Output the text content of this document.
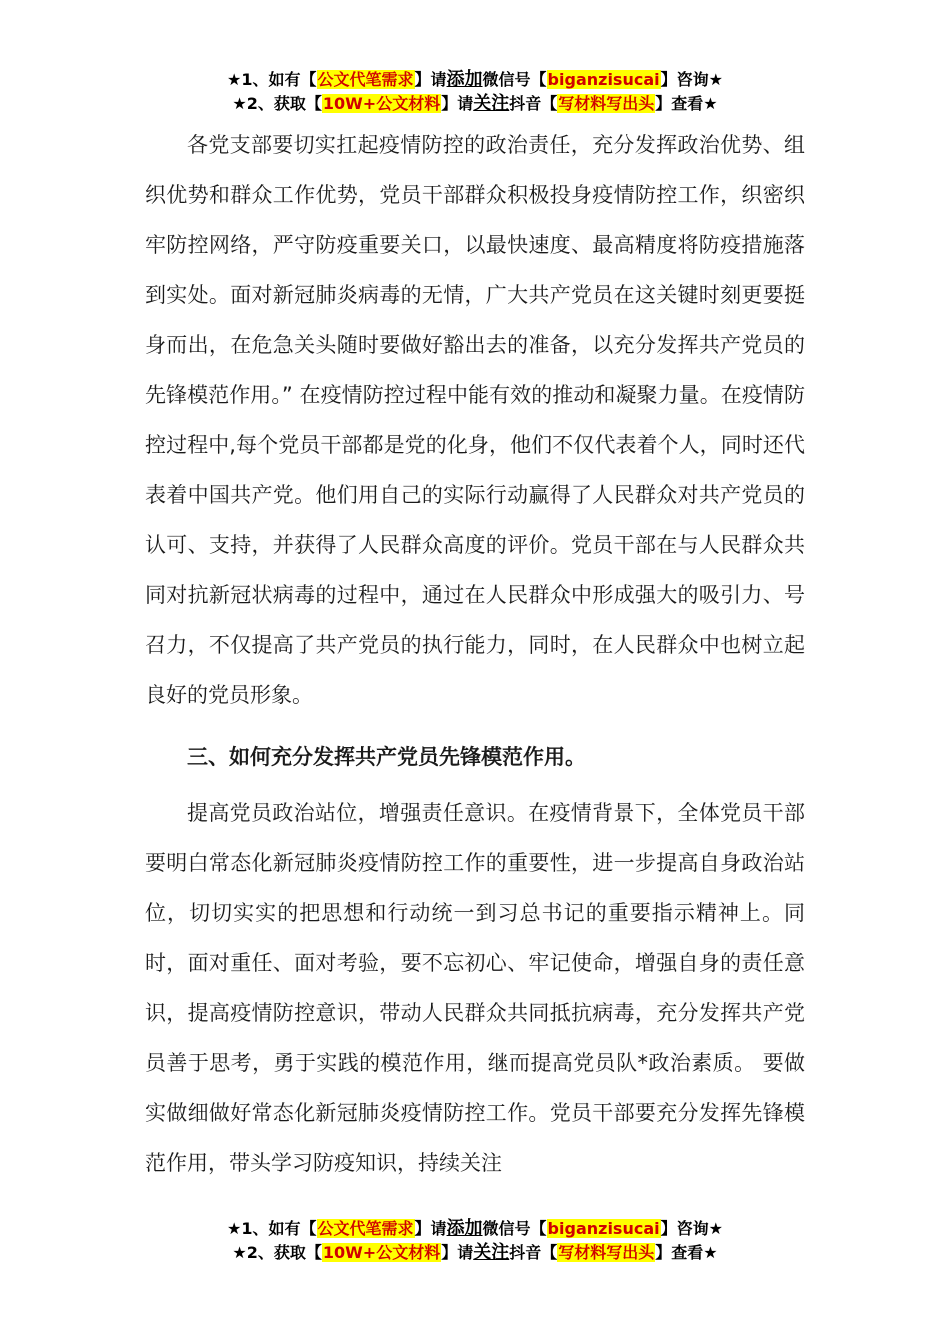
★1、如有【公文代笔需求】请添加微信号【biganzisucai】咨询★
★2、获取【10W+公文材料】请关注抖音【写材料写出头】查看★

各党支部要切实扛起疫情防控的政治责任，充分发挥政治优势、组织优势和群众工作优势，党员干部群众积极投身疫情防控工作，织密织牢防控网络，严守防疫重要关口，以最快速度、最高精度将防疫措施落到实处。面对新冠肺炎病毒的无情，广大共产党员在这关键时刻更要挺身而出，在危急关头随时要做好豁出去的准备，以充分发挥共产党员的先锋模范作用。” 在疫情防控过程中能有效的推动和凝聚力量。在疫情防控过程中,每个党员干部都是党的化身，他们不仅代表着个人，同时还代表着中国共产党。他们用自己的实际行动赢得了人民群众对共产党员的认可、支持，并获得了人民群众高度的评价。党员干部在与人民群众共同对抗新冠状病毒的过程中，通过在人民群众中形成强大的吸引力、号召力，不仅提高了共产党员的执行能力，同时，在人民群众中也树立起良好的党员形象。

三、如何充分发挥共产党员先锋模范作用。

提高党员政治站位，增强责任意识。在疫情背景下，全体党员干部要明白常态化新冠肺炎疫情防控工作的重要性，进一步提高自身政治站位，切切实实的把思想和行动统一到习总书记的重要指示精神上。同时，面对重任、面对考验，要不忘初心、牢记使命，增强自身的责任意识，提高疫情防控意识，带动人民群众共同抵抗病毒，充分发挥共产党员善于思考，勇于实践的模范作用，继而提高党员队*政治素质。 要做实做细做好常态化新冠肺炎疫情防控工作。党员干部要充分发挥先锋模范作用，带头学习防疫知识，持续关注

★1、如有【公文代笔需求】请添加微信号【biganzisucai】咨询★
★2、获取【10W+公文材料】请关注抖音【写材料写出头】查看★
